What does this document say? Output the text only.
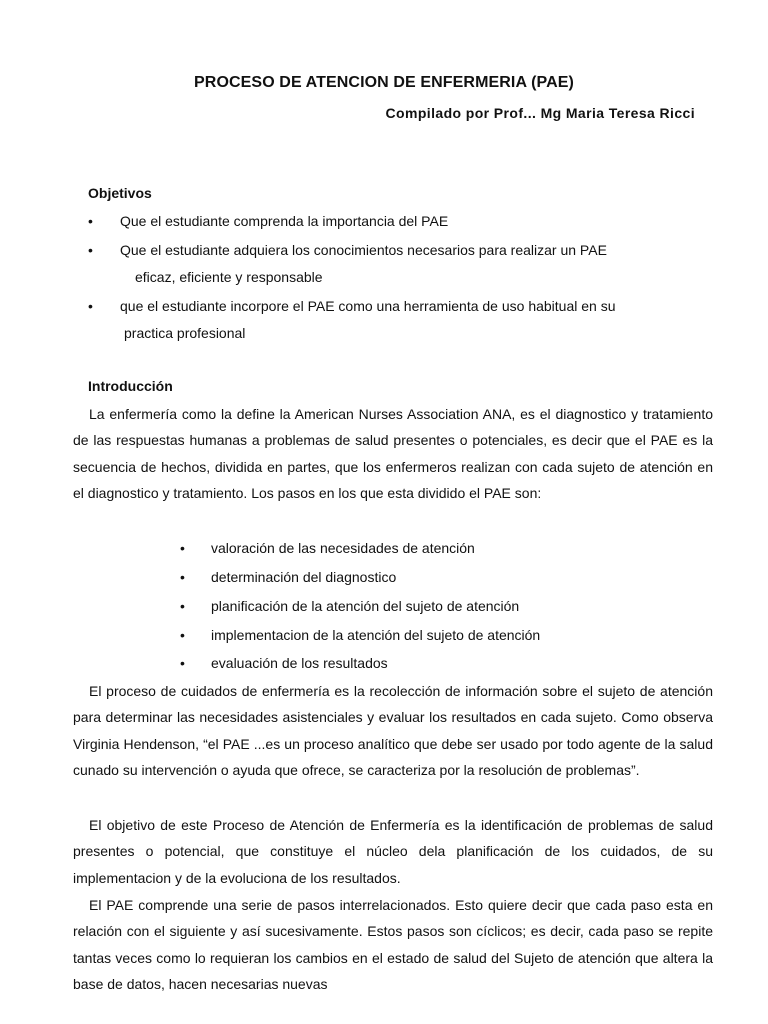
PROCESO DE ATENCION DE ENFERMERIA (PAE)
Compilado por Prof... Mg Maria Teresa Ricci
Objetivos
• Que el estudiante comprenda la importancia del PAE
• Que el estudiante adquiera los conocimientos necesarios para realizar un PAE
eficaz, eficiente y responsable
• que el estudiante incorpore el PAE como una herramienta de uso habitual en su
practica profesional
Introducción

La enfermería como la define la American Nurses Association ANA, es el diagnostico y tratamiento de las respuestas humanas a problemas de salud presentes o potenciales, es decir que el PAE es la secuencia de hechos, dividida en partes, que los enfermeros realizan con cada sujeto de atención en el diagnostico y tratamiento. Los pasos en los que esta dividido el PAE son:

• valoración de las necesidades de atención
• determinación del diagnostico
• planificación de la atención del sujeto de atención
• implementacion de la atención del sujeto de atención
• evaluación de los resultados

El proceso de cuidados de enfermería es la recolección de información sobre el sujeto de atención para determinar las necesidades asistenciales y evaluar los resultados en cada sujeto. Como observa Virginia Hendenson, “el PAE ...es un proceso analítico que debe ser usado por todo agente de la salud cunado su intervención o ayuda que ofrece, se caracteriza por la resolución de problemas”.

El objetivo de este Proceso de Atención de Enfermería es la identificación de problemas de salud presentes o potencial, que constituye el núcleo dela planificación de los cuidados, de su implementacion y de la evoluciona de los resultados.

El PAE comprende una serie de pasos interrelacionados. Esto quiere decir que cada paso esta en relación con el siguiente y así sucesivamente. Estos pasos son cíclicos; es decir, cada paso se repite tantas veces como lo requieran los cambios en el estado de salud del Sujeto de atención que altera la base de datos, hacen necesarias nuevas
